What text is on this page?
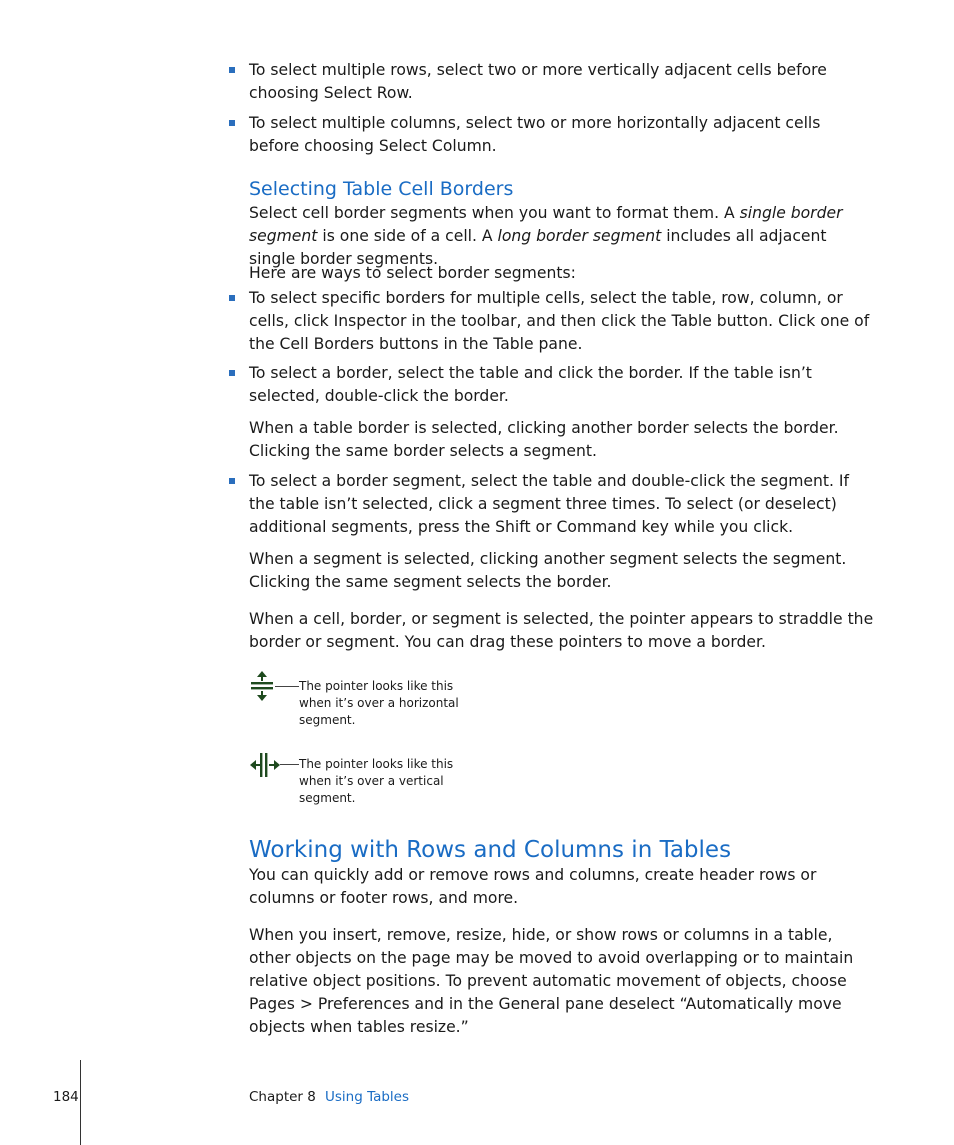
To select multiple rows, select two or more vertically adjacent cells before choosing Select Row.

To select multiple columns, select two or more horizontally adjacent cells before choosing Select Column.

Selecting Table Cell Borders

Select cell border segments when you want to format them. A single border segment is one side of a cell. A long border segment includes all adjacent single border segments.

Here are ways to select border segments:

To select specific borders for multiple cells, select the table, row, column, or cells, click Inspector in the toolbar, and then click the Table button. Click one of the Cell Borders buttons in the Table pane.

To select a border, select the table and click the border. If the table isn’t selected, double-click the border.

When a table border is selected, clicking another border selects the border. Clicking the same border selects a segment.

To select a border segment, select the table and double-click the segment. If the table isn’t selected, click a segment three times. To select (or deselect) additional segments, press the Shift or Command key while you click.

When a segment is selected, clicking another segment selects the segment. Clicking the same segment selects the border.

When a cell, border, or segment is selected, the pointer appears to straddle the border or segment. You can drag these pointers to move a border.

The pointer looks like this when it’s over a horizontal segment.
The pointer looks like this when it’s over a vertical segment.
Working with Rows and Columns in Tables

You can quickly add or remove rows and columns, create header rows or columns or footer rows, and more.

When you insert, remove, resize, hide, or show rows or columns in a table, other objects on the page may be moved to avoid overlapping or to maintain relative object positions. To prevent automatic movement of objects, choose Pages > Preferences and in the General pane deselect “Automatically move objects when tables resize.”

184	Chapter 8 Using Tables
